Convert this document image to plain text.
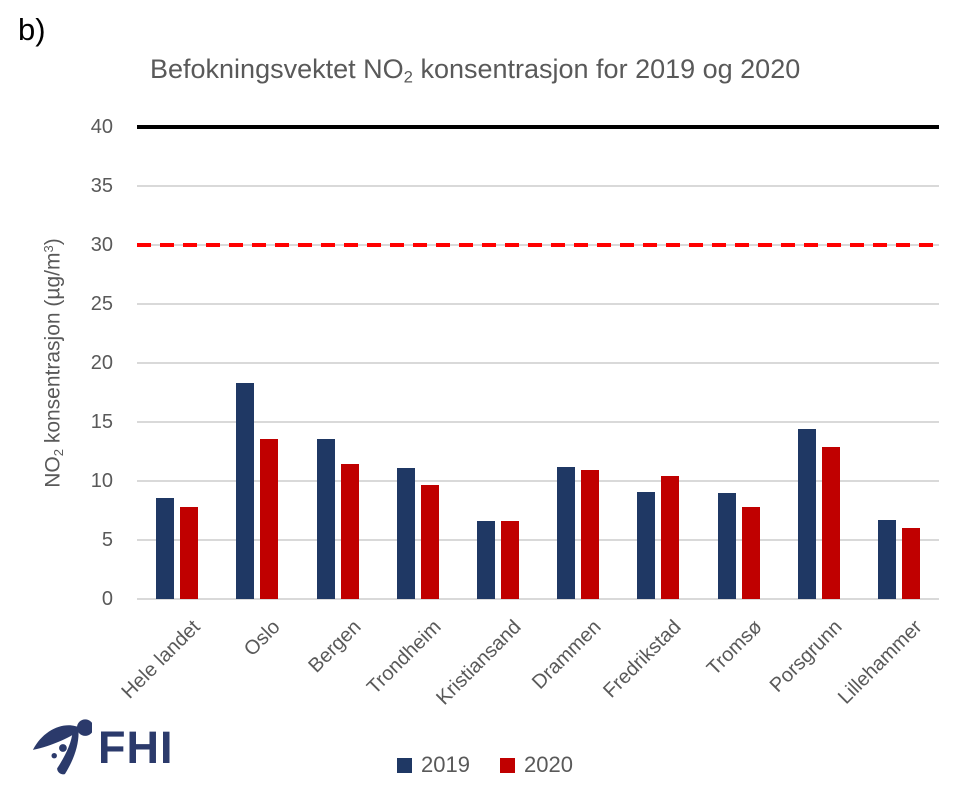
b)
Befokningsvektet $NO_2$ konsentrasjon for 2019 og 2020
$NO_2$ konsentrasjon $(\mu g/m^3)$
0
5
10
15
20
25
30
35
40
Hele landet	Oslo Bergen
Trondheim
Kristiansand Drammen
Fredrikstad Tromsø Porsgrunn
Lillehammer
2019 2020
FHI
